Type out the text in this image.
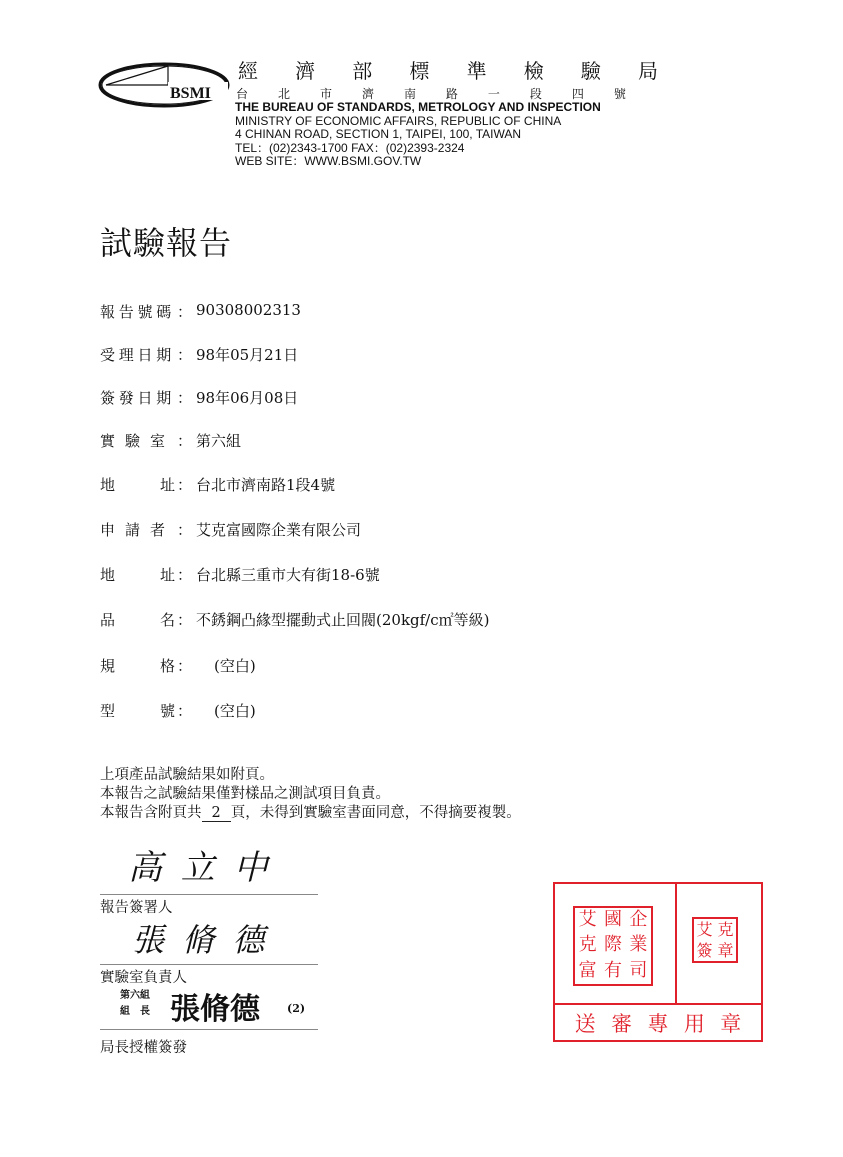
BSMI
經 濟 部 標 準 檢 驗 局
台 北 市 濟 南 路 一 段 四 號
THE BUREAU OF STANDARDS, METROLOGY AND INSPECTION
MINISTRY OF ECONOMIC AFFAIRS, REPUBLIC OF CHINA
4 CHINAN ROAD, SECTION 1, TAIPEI, 100, TAIWAN
TEL：(02)2343-1700 FAX：(02)2393-2324
WEB SITE：WWW.BSMI.GOV.TW
試驗報告
報 告 號 碼 ： 90308002313
受 理 日 期 ： 98年05月21日
簽 發 日 期 ： 98年06月08日
實 驗 室 ： 第六組
地	址 ： 台北市濟南路1段4號
申 請 者 ： 艾克富國際企業有限公司
地	址 ： 台北縣三重市大有街18-6號
品	名 ： 不銹鋼凸緣型擺動式止回閥(20kgf/c㎡等級)
規	格 ： (空白)
型	號 ： (空白)
上項產品試驗結果如附頁。
本報告之試驗結果僅對樣品之測試項目負責。
本報告含附頁共 2 頁，未得到實驗室書面同意，不得摘要複製。
高 立 中
報告簽署人
張 脩 德
實驗室負責人
第六組
組　長 張脩德 (2)
局長授權簽發
艾 國 企
克 際 業
富 有 司
艾 克
簽 章
送 審 專 用 章
